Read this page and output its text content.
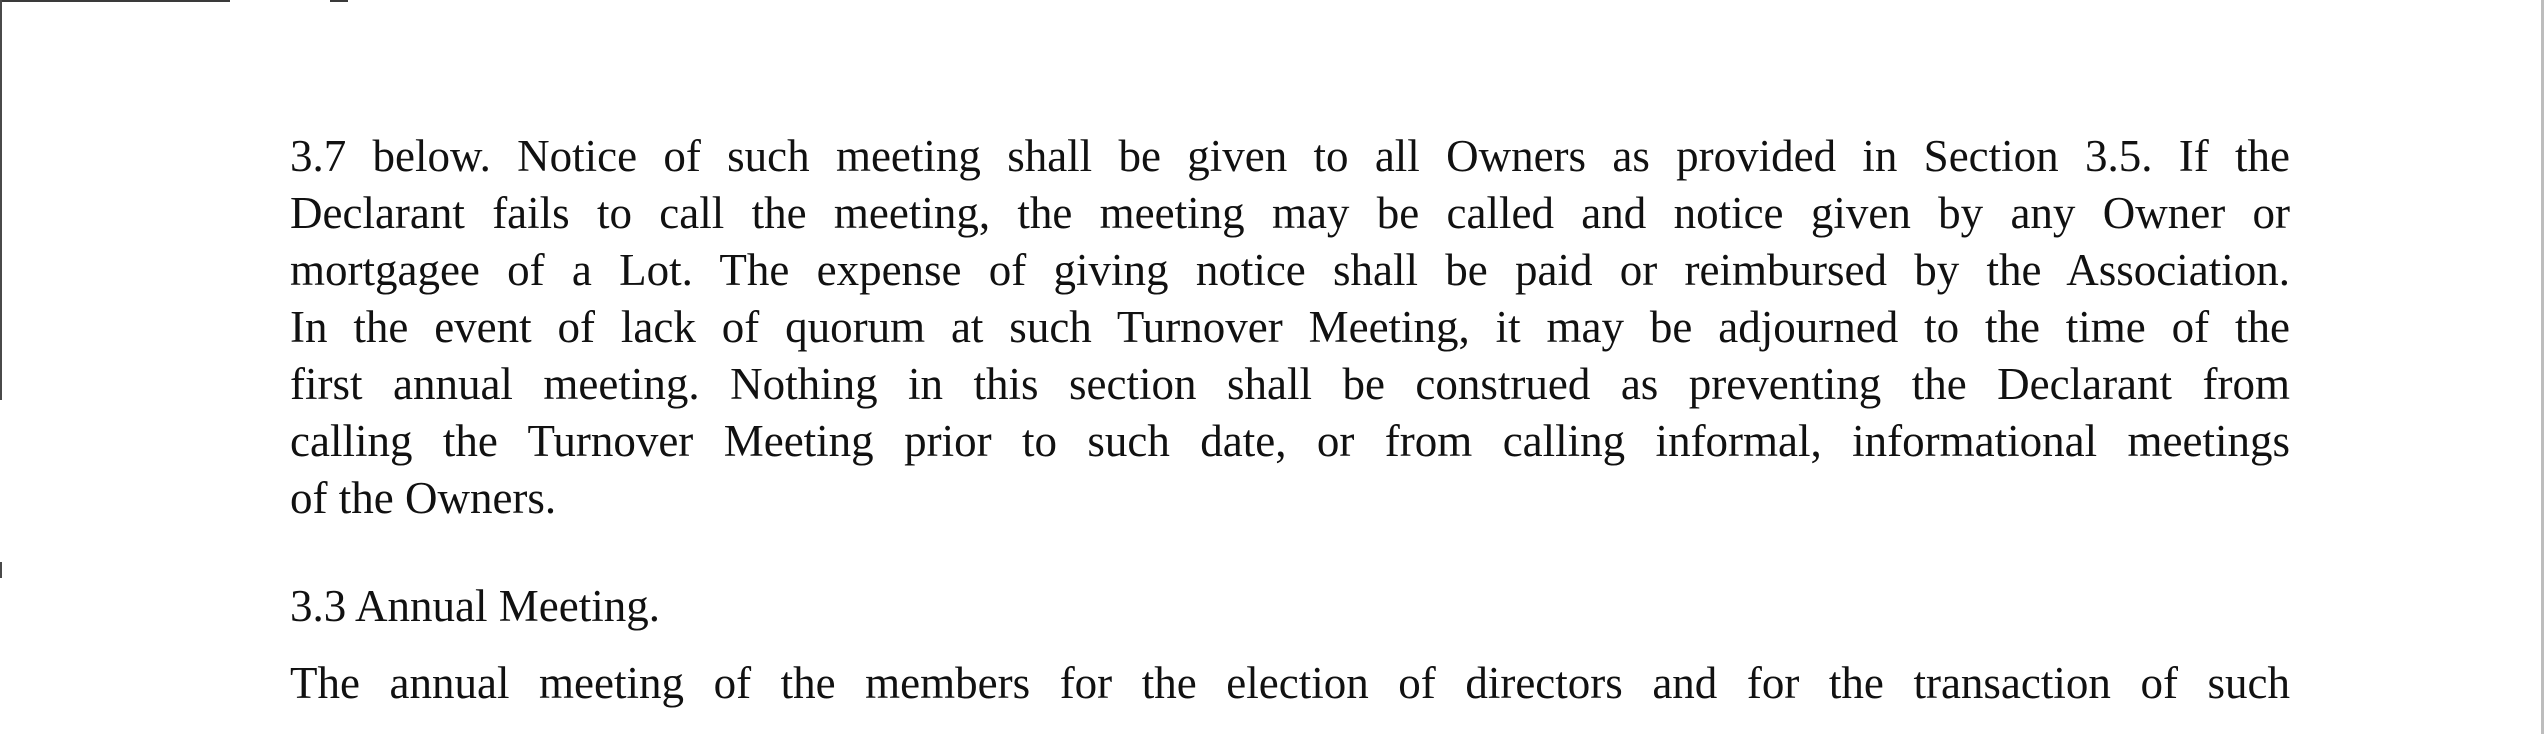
3.7 below. Notice of such meeting shall be given to all Owners as provided in Section 3.5. If the
Declarant fails to call the meeting, the meeting may be called and notice given by any Owner or
mortgagee of a Lot. The expense of giving notice shall be paid or reimbursed by the Association.
In the event of lack of quorum at such Turnover Meeting, it may be adjourned to the time of the
first annual meeting. Nothing in this section shall be construed as preventing the Declarant from
calling the Turnover Meeting prior to such date, or from calling informal, informational meetings
of the Owners.

3.3 Annual Meeting.

The annual meeting of the members for the election of directors and for the transaction of such
